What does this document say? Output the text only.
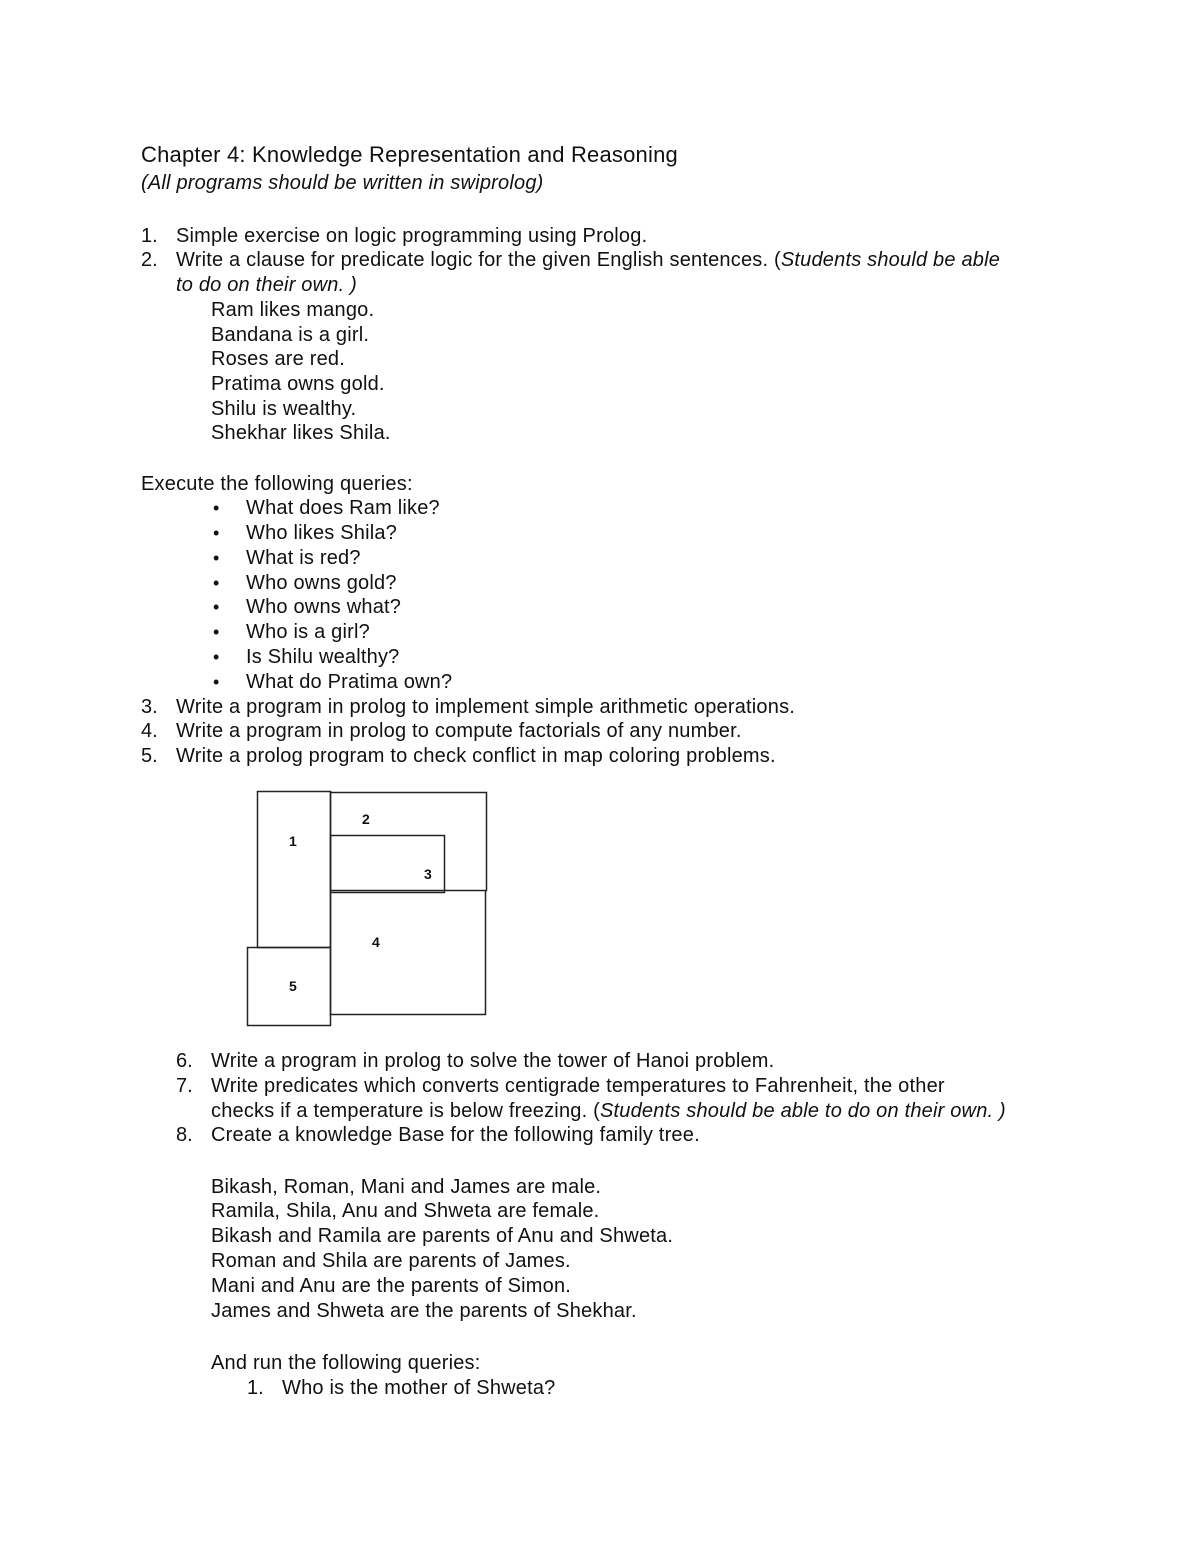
Chapter 4: Knowledge Representation and Reasoning
(All programs should be written in swiprolog)
1. Simple exercise on logic programming using Prolog.
2. Write a clause for predicate logic for the given English sentences. (Students should be able
to do on their own. )
Ram likes mango.
Bandana is a girl.
Roses are red.
Pratima owns gold.
Shilu is wealthy.
Shekhar likes Shila.
Execute the following queries:
• What does Ram like?
• Who likes Shila?
• What is red?
• Who owns gold?
• Who owns what?
• Who is a girl?
• Is Shilu wealthy?
• What do Pratima own?
3. Write a program in prolog to implement simple arithmetic operations.
4. Write a program in prolog to compute factorials of any number.
5. Write a prolog program to check conflict in map coloring problems.
1
2
3
4
5
6. Write a program in prolog to solve the tower of Hanoi problem.
7. Write predicates which converts centigrade temperatures to Fahrenheit, the other
checks if a temperature is below freezing. (Students should be able to do on their own. )
8. Create a knowledge Base for the following family tree.
Bikash, Roman, Mani and James are male.
Ramila, Shila, Anu and Shweta are female.
Bikash and Ramila are parents of Anu and Shweta.
Roman and Shila are parents of James.
Mani and Anu are the parents of Simon.
James and Shweta are the parents of Shekhar.
And run the following queries:
1. Who is the mother of Shweta?
